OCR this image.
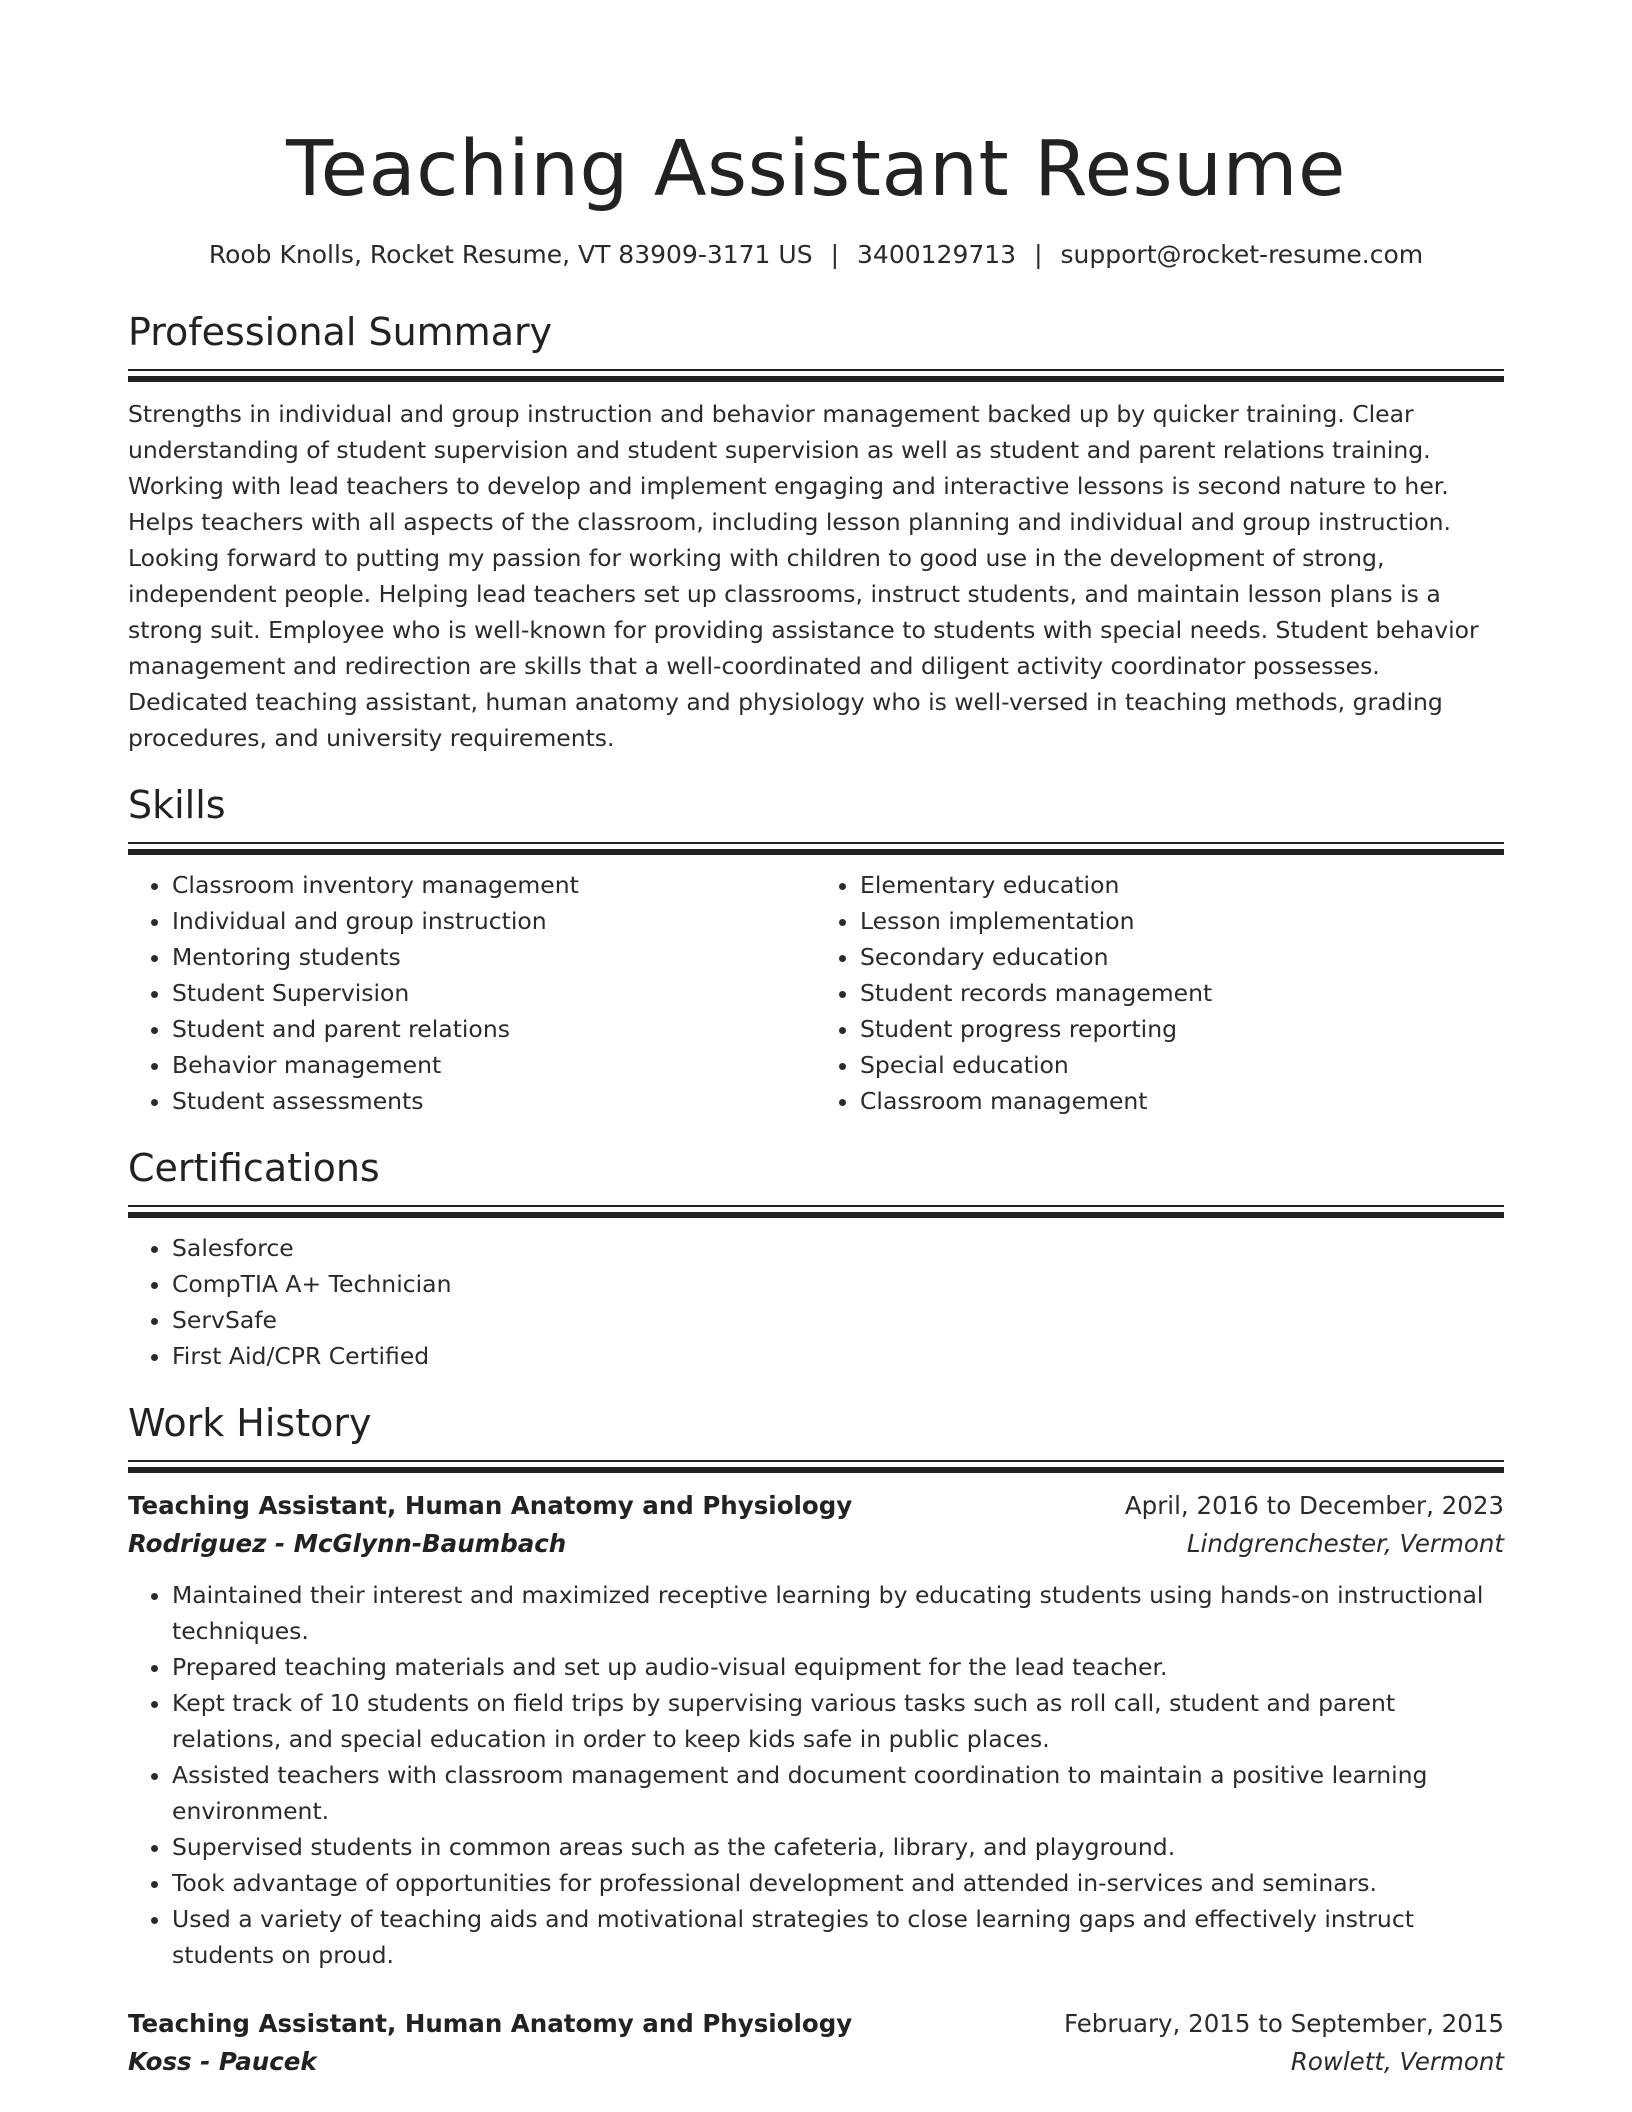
Teaching Assistant Resume
Roob Knolls, Rocket Resume, VT 83909-3171 US | 3400129713 | support@rocket-resume.com
Professional Summary
Strengths in individual and group instruction and behavior management backed up by quicker training. Clear understanding of student supervision and student supervision as well as student and parent relations training. Working with lead teachers to develop and implement engaging and interactive lessons is second nature to her. Helps teachers with all aspects of the classroom, including lesson planning and individual and group instruction. Looking forward to putting my passion for working with children to good use in the development of strong, independent people. Helping lead teachers set up classrooms, instruct students, and maintain lesson plans is a strong suit. Employee who is well-known for providing assistance to students with special needs. Student behavior management and redirection are skills that a well-coordinated and diligent activity coordinator possesses. Dedicated teaching assistant, human anatomy and physiology who is well-versed in teaching methods, grading procedures, and university requirements.
Skills
• Classroom inventory management
• Individual and group instruction
• Mentoring students
• Student Supervision
• Student and parent relations
• Behavior management
• Student assessments
• Elementary education
• Lesson implementation
• Secondary education
• Student records management
• Student progress reporting
• Special education
• Classroom management
Certifications
• Salesforce
• CompTIA A+ Technician
• ServSafe
• First Aid/CPR Certified
Work History
Teaching Assistant, Human Anatomy and Physiology	April, 2016 to December, 2023
Rodriguez - McGlynn-Baumbach	Lindgrenchester, Vermont
• Maintained their interest and maximized receptive learning by educating students using hands-on instructional techniques.
• Prepared teaching materials and set up audio-visual equipment for the lead teacher.
• Kept track of 10 students on field trips by supervising various tasks such as roll call, student and parent relations, and special education in order to keep kids safe in public places.
• Assisted teachers with classroom management and document coordination to maintain a positive learning environment.
• Supervised students in common areas such as the cafeteria, library, and playground.
• Took advantage of opportunities for professional development and attended in-services and seminars.
• Used a variety of teaching aids and motivational strategies to close learning gaps and effectively instruct students on proud.
Teaching Assistant, Human Anatomy and Physiology	February, 2015 to September, 2015
Koss - Paucek	Rowlett, Vermont
